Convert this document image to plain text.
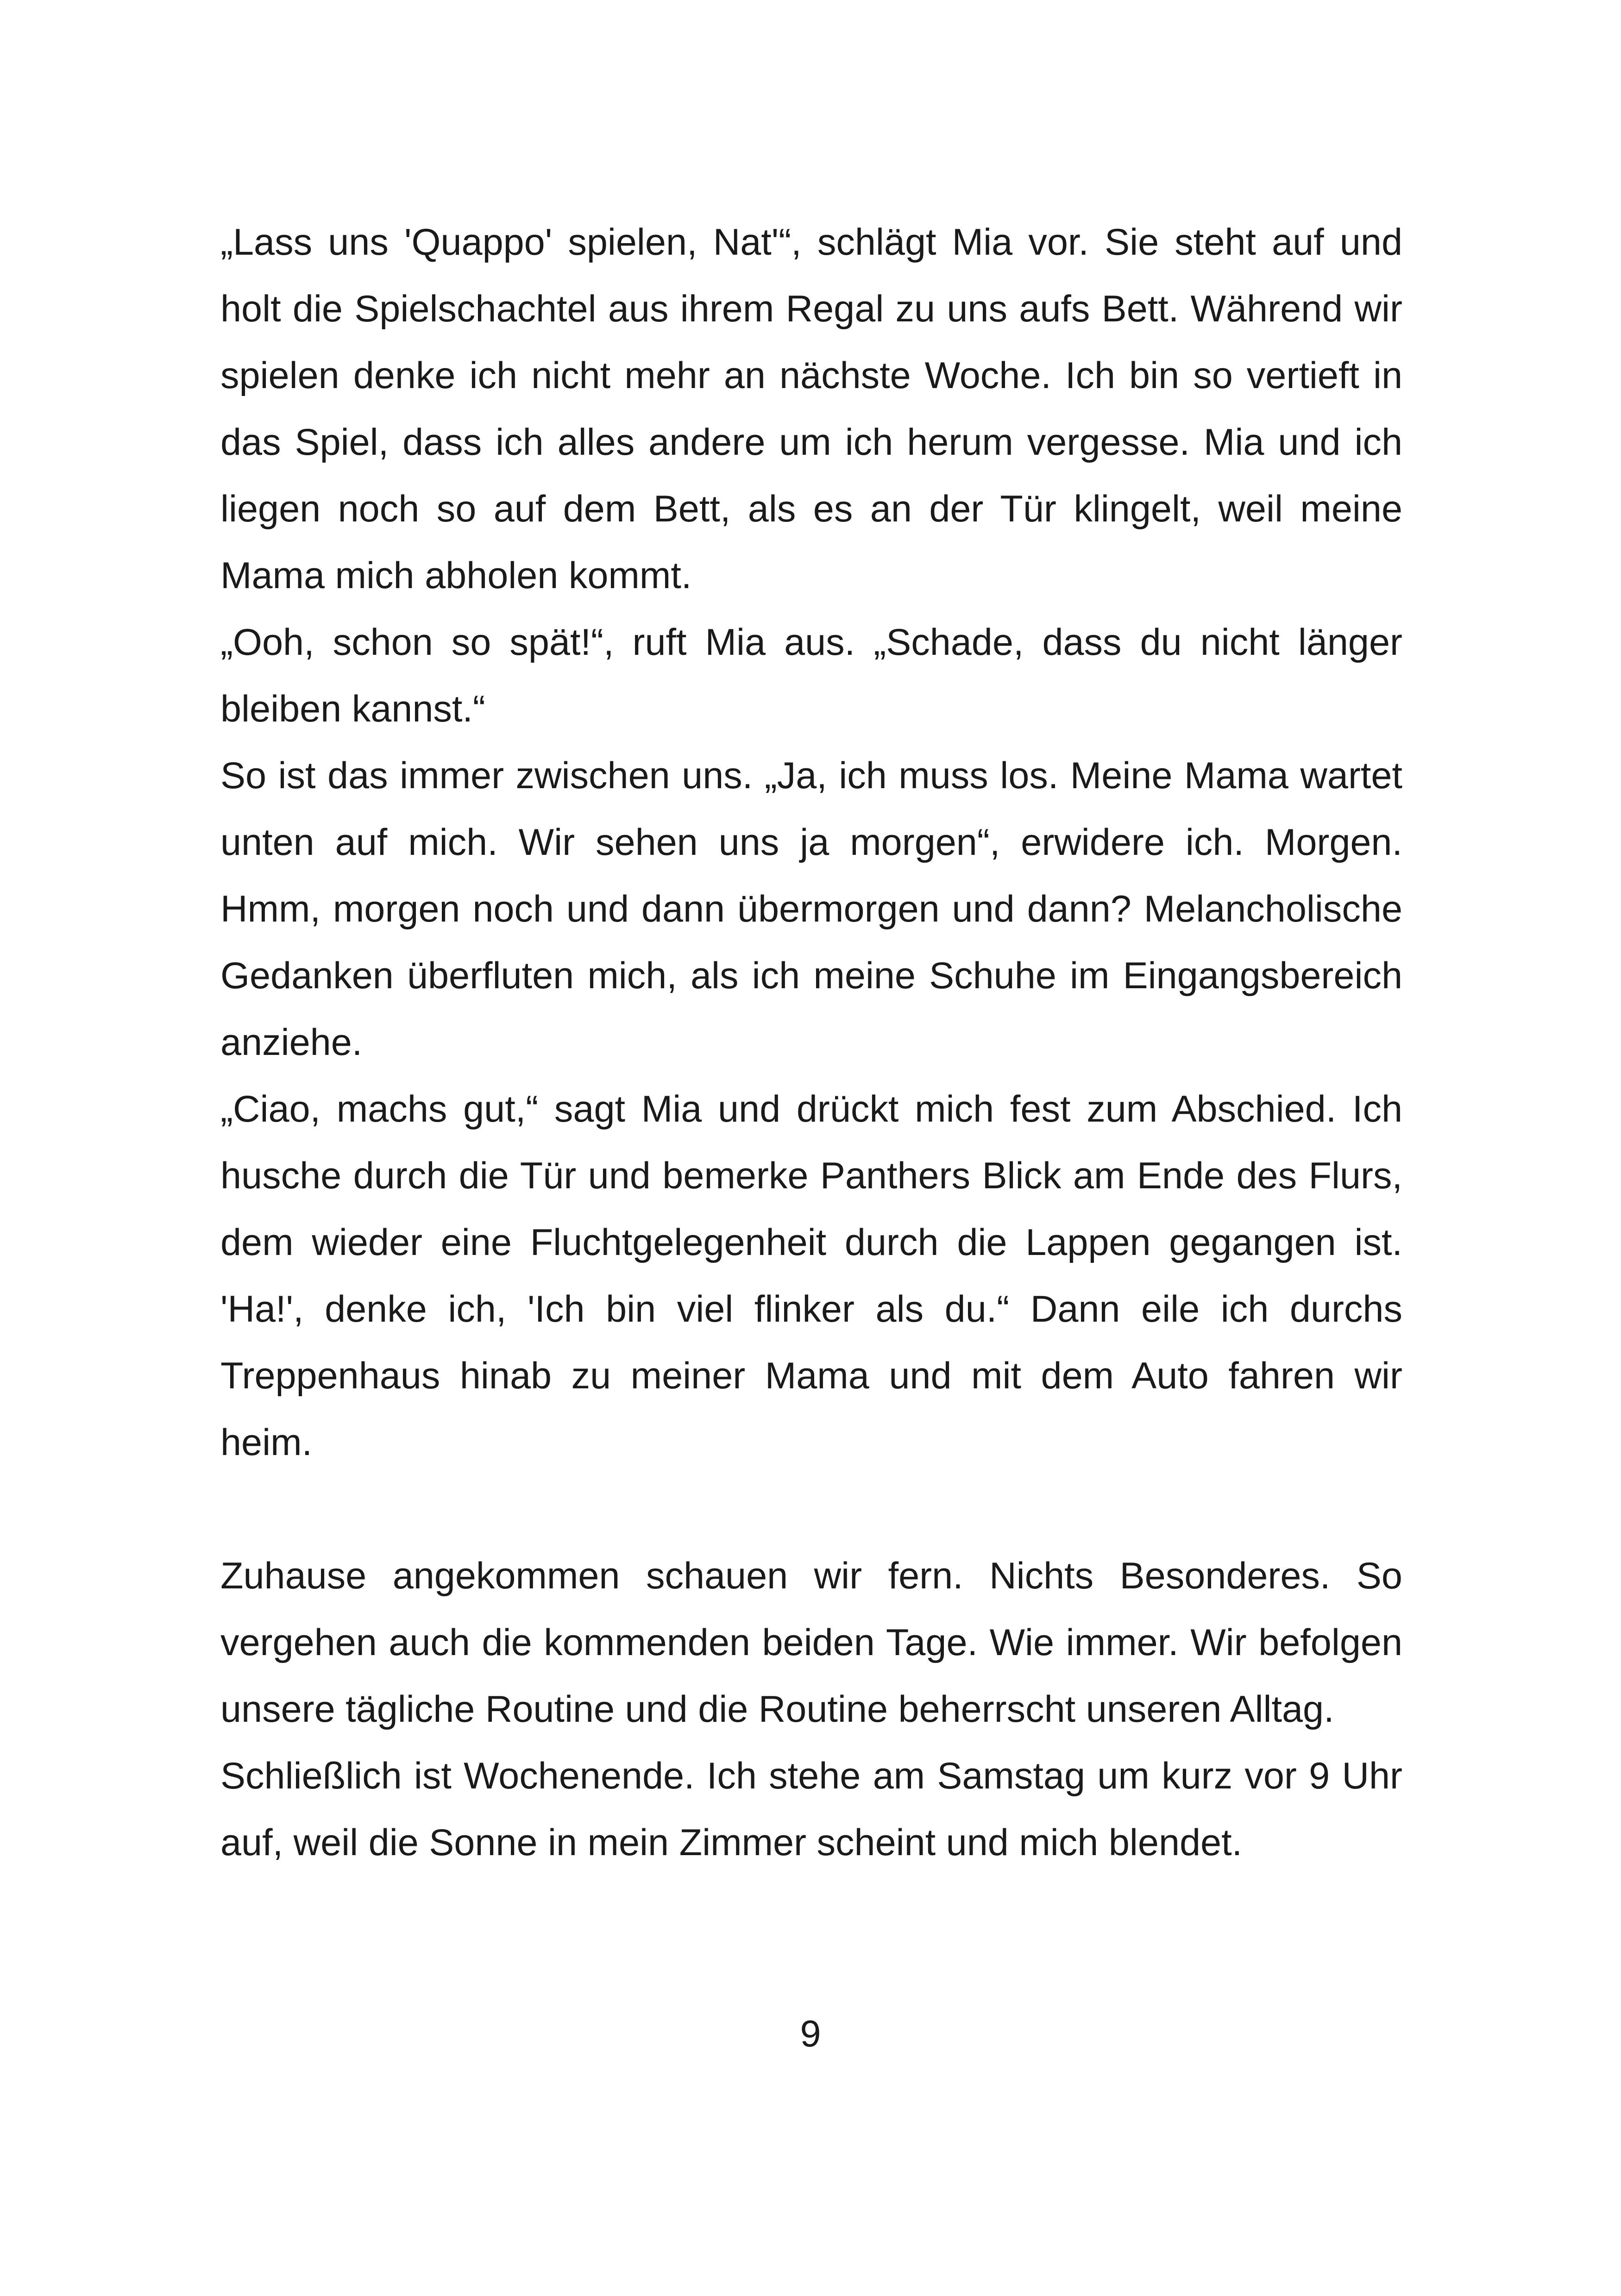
„Lass uns 'Quappo' spielen, Nat'“, schlägt Mia vor. Sie steht auf und holt die Spielschachtel aus ihrem Regal zu uns aufs Bett. Während wir spielen denke ich nicht mehr an nächste Woche. Ich bin so vertieft in das Spiel, dass ich alles andere um ich herum vergesse. Mia und ich liegen noch so auf dem Bett, als es an der Tür klingelt, weil meine Mama mich abholen kommt.

„Ooh, schon so spät!“, ruft Mia aus. „Schade, dass du nicht länger bleiben kannst.“

So ist das immer zwischen uns. „Ja, ich muss los. Meine Mama wartet unten auf mich. Wir sehen uns ja morgen“, erwidere ich. Morgen. Hmm, morgen noch und dann übermorgen und dann? Melancholische Gedanken überfluten mich, als ich meine Schuhe im Eingangsbereich anziehe.

„Ciao, machs gut,“ sagt Mia und drückt mich fest zum Abschied. Ich husche durch die Tür und bemerke Panthers Blick am Ende des Flurs, dem wieder eine Fluchtgelegenheit durch die Lappen gegangen ist. 'Ha!', denke ich, 'Ich bin viel flinker als du.“ Dann eile ich durchs Treppenhaus hinab zu meiner Mama und mit dem Auto fahren wir heim.

Zuhause angekommen schauen wir fern. Nichts Besonderes. So vergehen auch die kommenden beiden Tage. Wie immer. Wir befolgen unsere tägliche Routine und die Routine beherrscht unseren Alltag.

Schließlich ist Wochenende. Ich stehe am Samstag um kurz vor 9 Uhr auf, weil die Sonne in mein Zimmer scheint und mich blendet.

9
